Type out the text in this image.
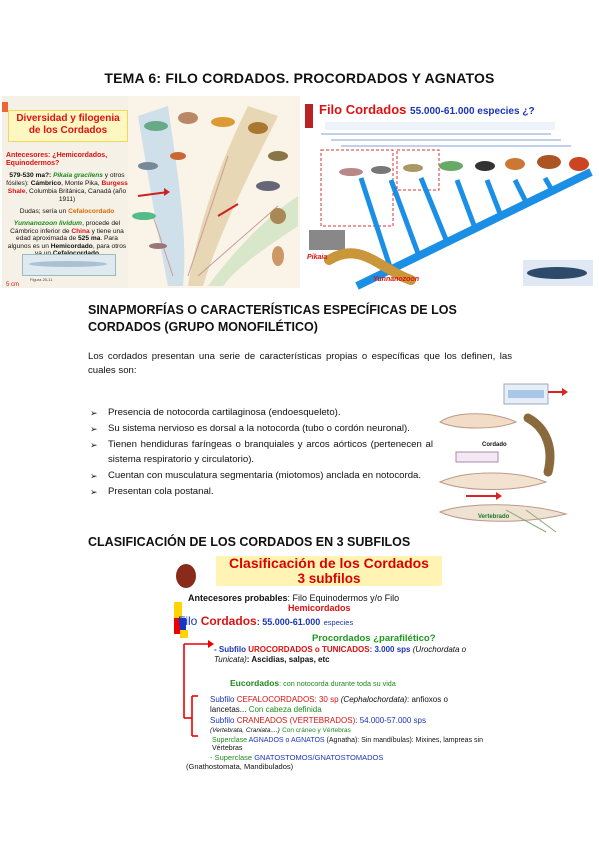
TEMA 6: FILO CORDADOS. PROCORDADOS Y AGNATOS
Diversidad y filogenia de los Cordados
Antecesores: ¿Hemicordados, Equinodermos?
579-530 ma?: Pikaia gracilens y otros fósiles): Cámbrico, Monte Pika, Burgess Shale, Columbia Británica, Canadá (año 1911)
Dudas; sería un Cefalocordado
Yunnanozoon lividum, procede del Cámbrico inferior de China y tiene una edad aproximada de 525 ma. Para algunos es un Hemicordado, para otros
5 cm
Figura 25-11
Filo Cordados 55.000-61.000 especies ¿?
Pikaia
Yunnanozoon
SINAPMORFÍAS O CARACTERÍSTICAS ESPECÍFICAS DE LOS CORDADOS (GRUPO MONOFILÉTICO)
Los cordados presentan una serie de características propias o específicas que los definen, las cuales son:
➢ Presencia de notocorda cartilaginosa (endoesqueleto).
➢ Su sistema nervioso es dorsal a la notocorda (tubo o cordón neuronal).
➢ Tienen hendiduras faríngeas o branquiales y arcos aórticos (pertenecen al sistema respiratorio y circulatorio).
➢ Cuentan con musculatura segmentaria (miotomos) anclada en notocorda.
➢ Presentan cola postanal.
Cordado
Vertebrado
CLASIFICACIÓN DE LOS CORDADOS EN 3 SUBFILOS
Clasificación de los Cordados
3 subfilos
Antecesores probables: Filo Equinodermos y/o Filo
Hemicordados
Filo Cordados: 55.000-61.000 especies
Procordados ¿parafilético?
- Subfilo UROCORDADOS o TUNICADOS: 3.000 sps (Urochordata o Tunicata): Ascidias, salpas, etc
Eucordados: con notocorda durante toda su vida
Subfilo CEFALOCORDADOS: 30 sp (Cephalochordata): anfioxos o
lancetas... Con cabeza definida
Subfilo CRANEADOS (VERTEBRADOS): 54.000-57.000 sps
(Vertebrata, Craniata....) Con cráneo y Vértebras
Superclase AGNADOS o AGNATOS (Agnatha): Sin mandíbulas): Mixines, lampreas sin Vértebras
- Superclase GNATOSTOMOS/GNATOSTOMADOS
(Gnathostomata, Mandibulados)
